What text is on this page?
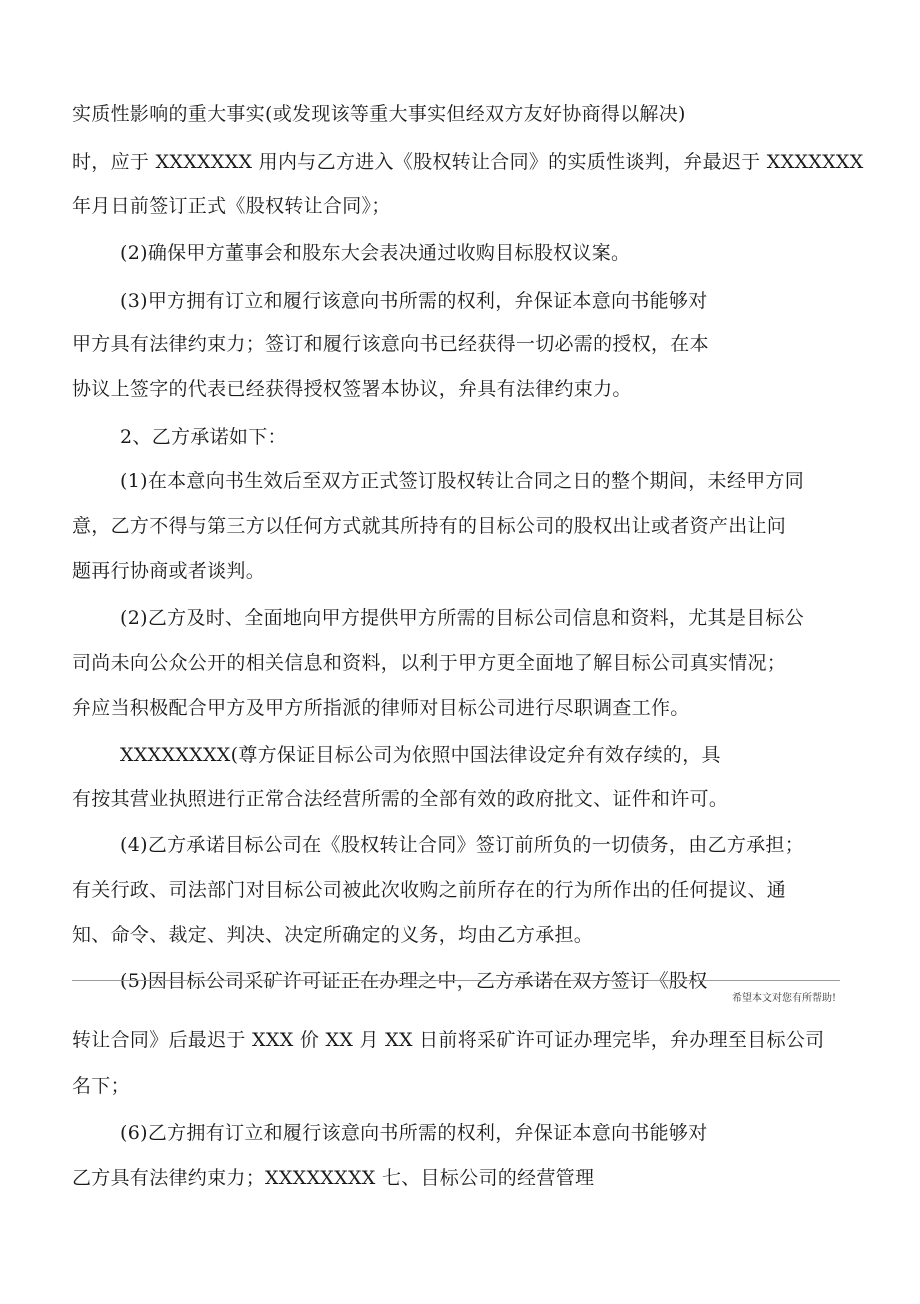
实质性影响的重大事实(或发现该等重大事实但经双方友好协商得以解决)
时，应于 XXXXXXX 用内与乙方进入《股权转让合同》的实质性谈判，弁最迟于 XXXXXXX
年月日前签订正式《股权转让合同》；
(2)确保甲方董事会和股东大会表决通过收购目标股权议案。
(3)甲方拥有订立和履行该意向书所需的权利，弁保证本意向书能够对
甲方具有法律约束力；签订和履行该意向书已经获得一切必需的授权，在本
协议上签字的代表已经获得授权签署本协议，弁具有法律约束力。
2、乙方承诺如下：
(1)在本意向书生效后至双方正式签订股权转让合同之日的整个期间，未经甲方同
意，乙方不得与第三方以任何方式就其所持有的目标公司的股权出让或者资产出让问
题再行协商或者谈判。
(2)乙方及时、全面地向甲方提供甲方所需的目标公司信息和资料，尤其是目标公
司尚未向公众公开的相关信息和资料，以利于甲方更全面地了解目标公司真实情况；
弁应当积极配合甲方及甲方所指派的律师对目标公司进行尽职调查工作。
XXXXXXXX(尊方保证目标公司为依照中国法律设定弁有效存续的，具
有按其营业执照进行正常合法经营所需的全部有效的政府批文、证件和许可。
(4)乙方承诺目标公司在《股权转让合同》签订前所负的一切债务，由乙方承担；
有关行政、司法部门对目标公司被此次收购之前所存在的行为所作出的任何提议、通
知、命令、裁定、判决、决定所确定的义务，均由乙方承担。
(5)因目标公司采矿许可证正在办理之中，乙方承诺在双方签订《股权
希望本文对您有所帮助!
转让合同》后最迟于 XXX 价 XX 月 XX 日前将采矿许可证办理完毕，弁办理至目标公司
名下；
(6)乙方拥有订立和履行该意向书所需的权利，弁保证本意向书能够对
乙方具有法律约束力；XXXXXXXX 七、目标公司的经营管理
